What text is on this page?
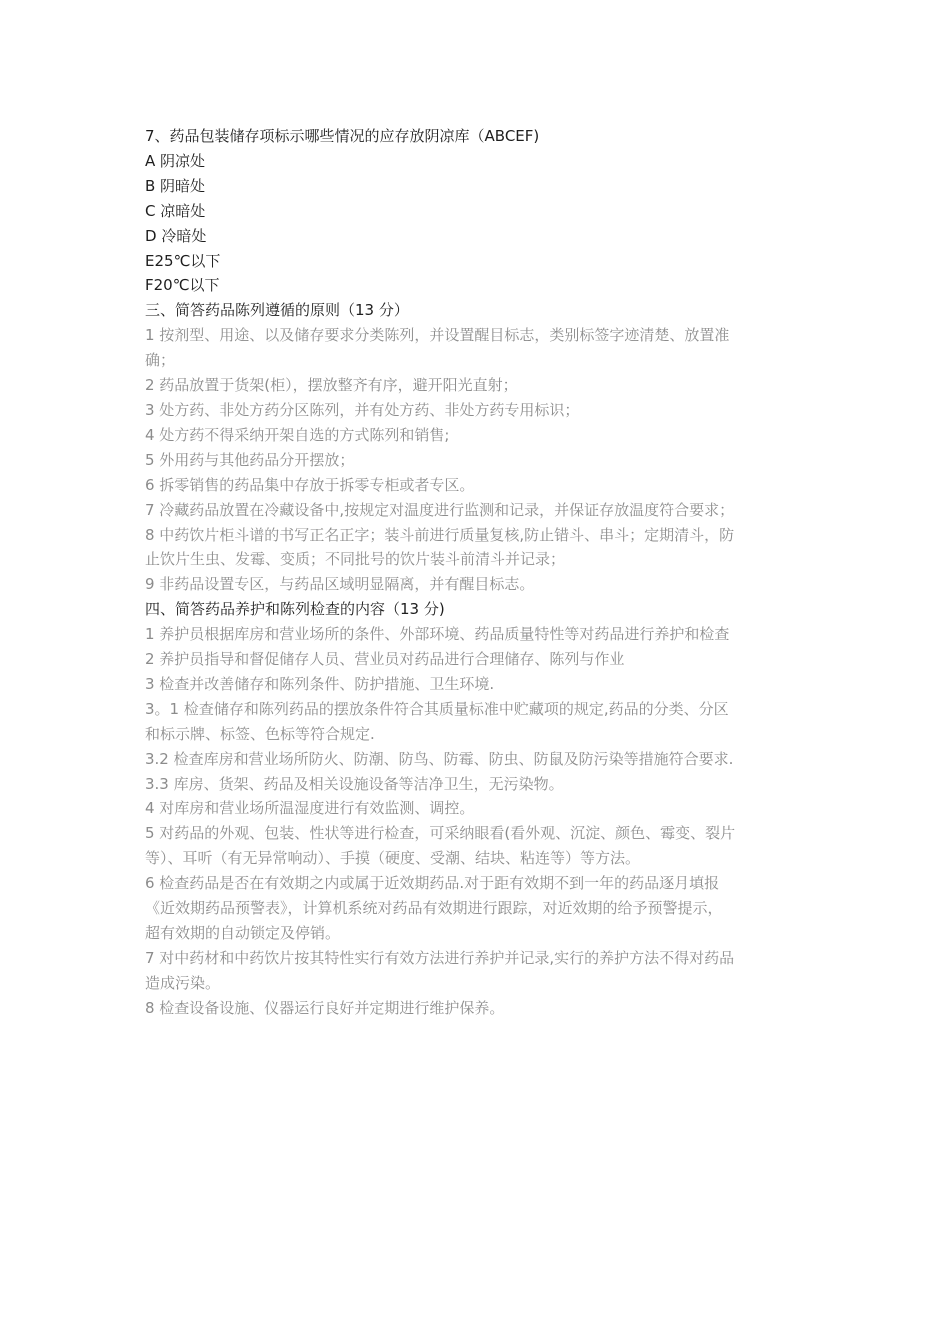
7、药品包装储存项标示哪些情况的应存放阴凉库（ABCEF)
A 阴凉处
B 阴暗处
C 凉暗处
D 冷暗处
E25℃以下
F20℃以下
三、简答药品陈列遵循的原则（13 分）
1 按剂型、用途、以及储存要求分类陈列，并设置醒目标志，类别标签字迹清楚、放置准
确；
2 药品放置于货架(柜），摆放整齐有序，避开阳光直射；
3 处方药、非处方药分区陈列，并有处方药、非处方药专用标识；
4 处方药不得采纳开架自选的方式陈列和销售;
5 外用药与其他药品分开摆放；
6 拆零销售的药品集中存放于拆零专柜或者专区。
7 冷藏药品放置在冷藏设备中,按规定对温度进行监测和记录，并保证存放温度符合要求；
8 中药饮片柜斗谱的书写正名正字；装斗前进行质量复核,防止错斗、串斗；定期清斗，防
止饮片生虫、发霉、变质；不同批号的饮片装斗前清斗并记录；
9 非药品设置专区，与药品区域明显隔离，并有醒目标志。
四、简答药品养护和陈列检查的内容（13 分)
1 养护员根据库房和营业场所的条件、外部环境、药品质量特性等对药品进行养护和检查
2 养护员指导和督促储存人员、营业员对药品进行合理储存、陈列与作业
3 检查并改善储存和陈列条件、防护措施、卫生环境.
3。1 检查储存和陈列药品的摆放条件符合其质量标准中贮藏项的规定,药品的分类、分区
和标示牌、标签、色标等符合规定.
3.2 检查库房和营业场所防火、防潮、防鸟、防霉、防虫、防鼠及防污染等措施符合要求.
3.3 库房、货架、药品及相关设施设备等洁净卫生，无污染物。
4 对库房和营业场所温湿度进行有效监测、调控。
5 对药品的外观、包装、性状等进行检查，可采纳眼看(看外观、沉淀、颜色、霉变、裂片
等）、耳听（有无异常响动）、手摸（硬度、受潮、结块、粘连等）等方法。
6 检查药品是否在有效期之内或属于近效期药品.对于距有效期不到一年的药品逐月填报
《近效期药品预警表》，计算机系统对药品有效期进行跟踪，对近效期的给予预警提示，
超有效期的自动锁定及停销。
7 对中药材和中药饮片按其特性实行有效方法进行养护并记录,实行的养护方法不得对药品
造成污染。
8 检查设备设施、仪器运行良好并定期进行维护保养。
